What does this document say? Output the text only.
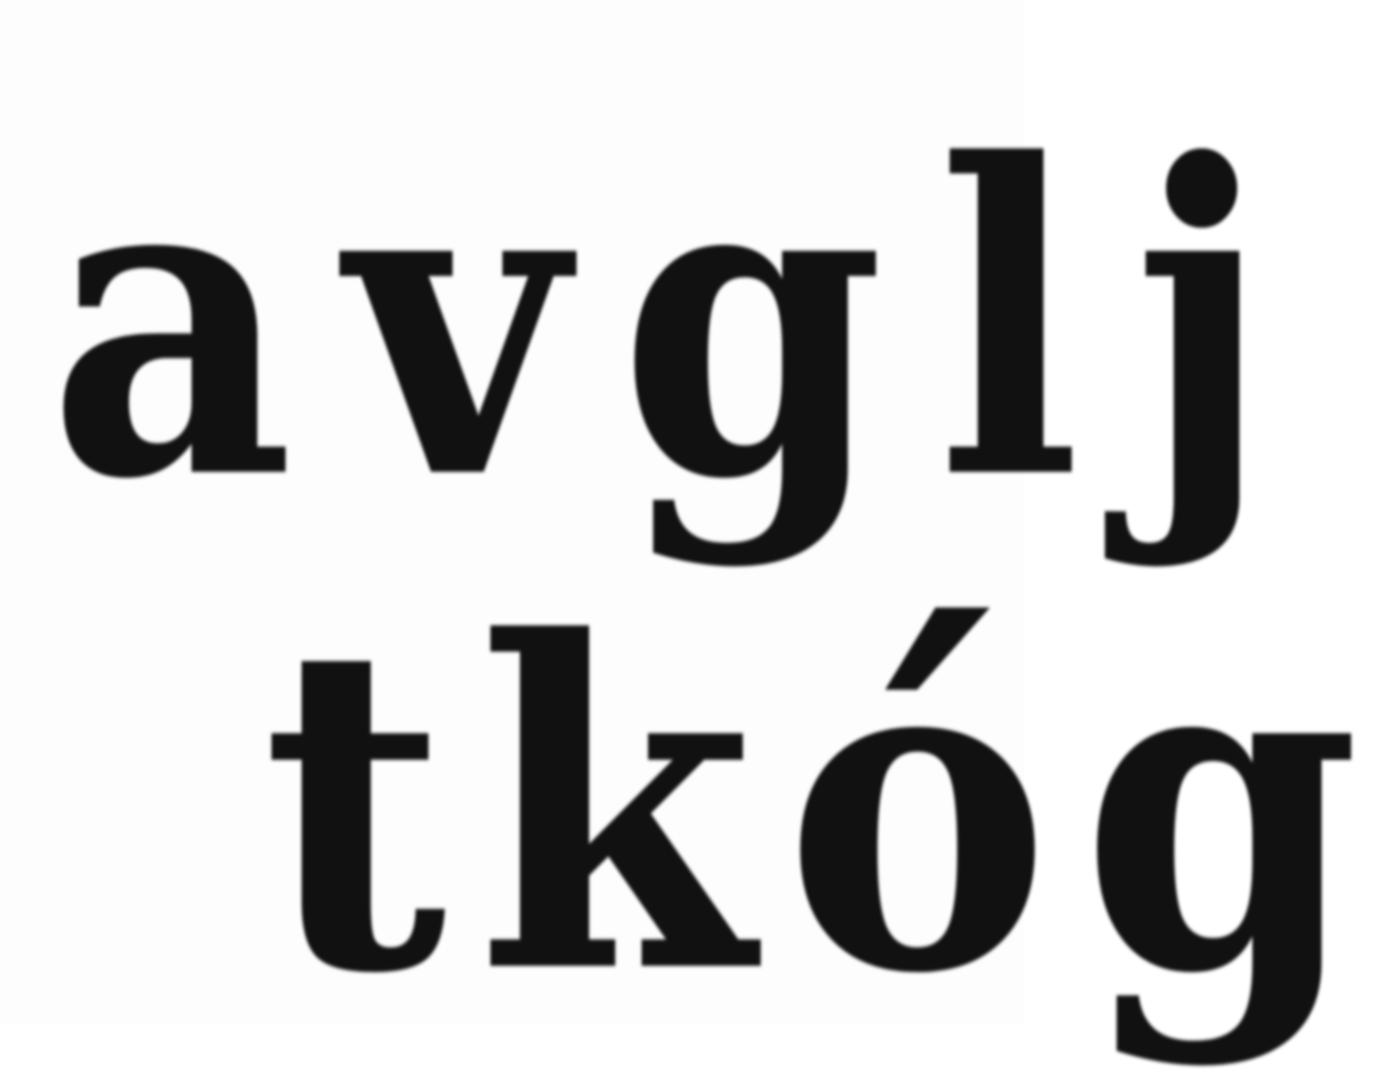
avglj
tkóg
